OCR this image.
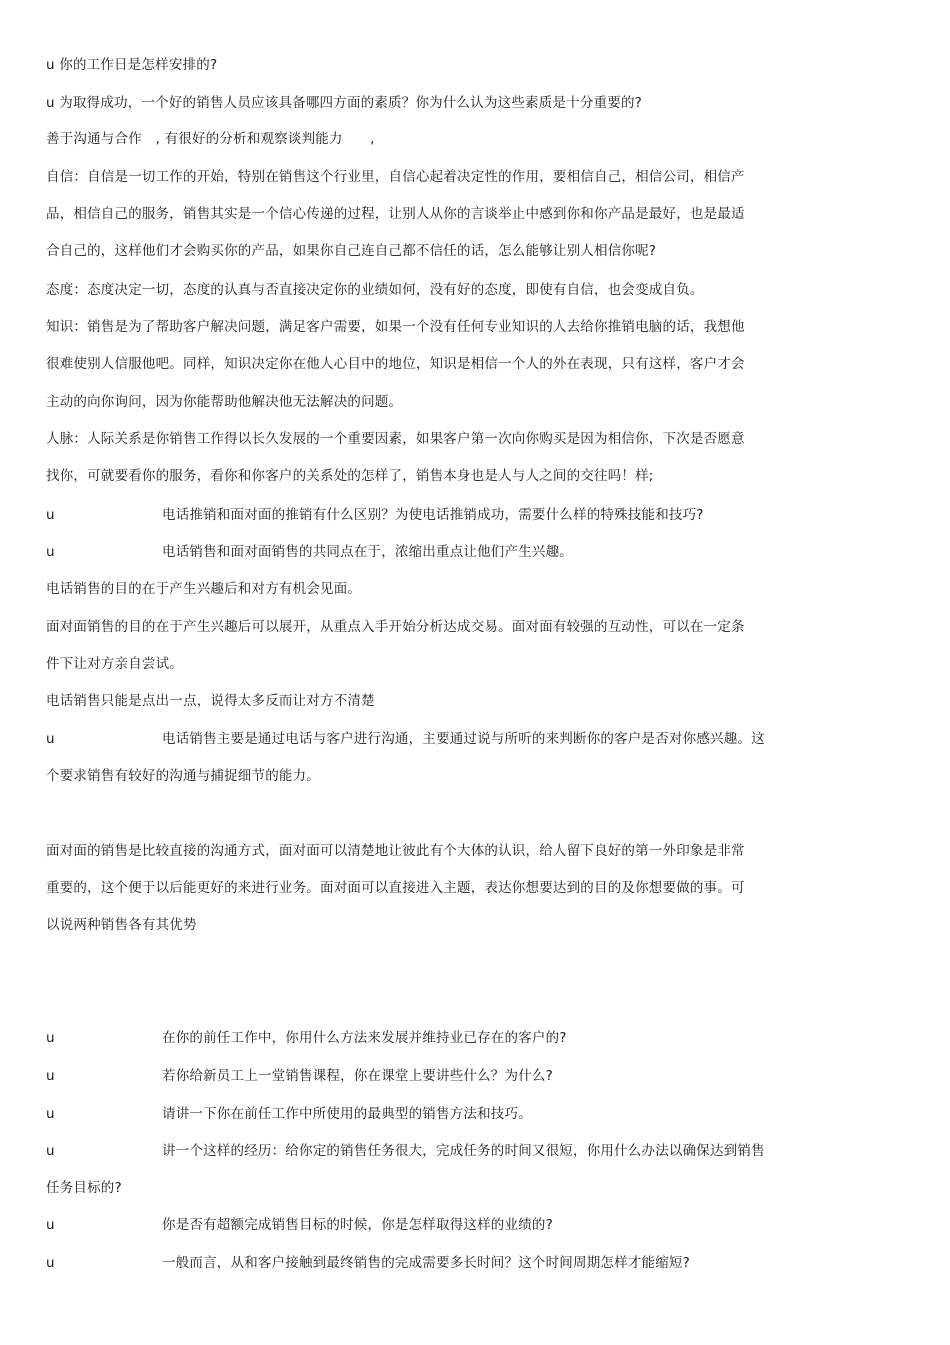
u 你的工作日是怎样安排的?
u 为取得成功，一个好的销售人员应该具备哪四方面的素质？你为什么认为这些素质是十分重要的?
善于沟通与合作　, 有很好的分析和观察谈判能力　　,
自信：自信是一切工作的开始，特别在销售这个行业里，自信心起着决定性的作用，要相信自己，相信公司，相信产
品，相信自己的服务，销售其实是一个信心传递的过程，让别人从你的言谈举止中感到你和你产品是最好，也是最适
合自己的，这样他们才会购买你的产品，如果你自己连自己都不信任的话，怎么能够让别人相信你呢?
态度：态度决定一切，态度的认真与否直接决定你的业绩如何，没有好的态度，即使有自信，也会变成自负。
知识：销售是为了帮助客户解决问题，满足客户需要，如果一个没有任何专业知识的人去给你推销电脑的话，我想他
很难使别人信服他吧。同样，知识决定你在他人心目中的地位，知识是相信一个人的外在表现，只有这样，客户才会
主动的向你询问，因为你能帮助他解决他无法解决的问题。
人脉：人际关系是你销售工作得以长久发展的一个重要因素，如果客户第一次向你购买是因为相信你，下次是否愿意
找你，可就要看你的服务，看你和你客户的关系处的怎样了，销售本身也是人与人之间的交往吗！样;
u	电话推销和面对面的推销有什么区别？为使电话推销成功，需要什么样的特殊技能和技巧?
u	电话销售和面对面销售的共同点在于，浓缩出重点让他们产生兴趣。
电话销售的目的在于产生兴趣后和对方有机会见面。
面对面销售的目的在于产生兴趣后可以展开，从重点入手开始分析达成交易。面对面有较强的互动性，可以在一定条
件下让对方亲自尝试。
电话销售只能是点出一点，说得太多反而让对方不清楚
u	电话销售主要是通过电话与客户进行沟通，主要通过说与所听的来判断你的客户是否对你感兴趣。这
个要求销售有较好的沟通与捕捉细节的能力。
面对面的销售是比较直接的沟通方式，面对面可以清楚地让彼此有个大体的认识，给人留下良好的第一外印象是非常
重要的，这个便于以后能更好的来进行业务。面对面可以直接进入主题，表达你想要达到的目的及你想要做的事。可
以说两种销售各有其优势
u	在你的前任工作中，你用什么方法来发展并维持业已存在的客户的?
u	若你给新员工上一堂销售课程，你在课堂上要讲些什么？为什么?
u	请讲一下你在前任工作中所使用的最典型的销售方法和技巧。
u	讲一个这样的经历：给你定的销售任务很大，完成任务的时间又很短，你用什么办法以确保达到销售
任务目标的?
u	你是否有超额完成销售目标的时候，你是怎样取得这样的业绩的?
u	一般而言，从和客户接触到最终销售的完成需要多长时间？这个时间周期怎样才能缩短?
